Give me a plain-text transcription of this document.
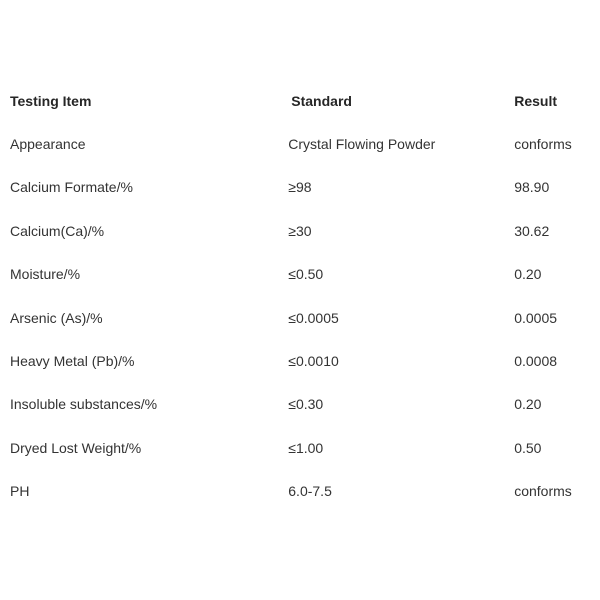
Testing Item	Standard	Result
Appearance	Crystal Flowing Powder	conforms
Calcium Formate/%	≥98	98.90
Calcium(Ca)/%	≥30	30.62
Moisture/%	≤0.50	0.20
Arsenic (As)/%	≤0.0005	0.0005
Heavy Metal (Pb)/%	≤0.0010	0.0008
Insoluble substances/%	≤0.30	0.20
Dryed Lost Weight/%	≤1.00	0.50
PH	6.0-7.5	conforms
